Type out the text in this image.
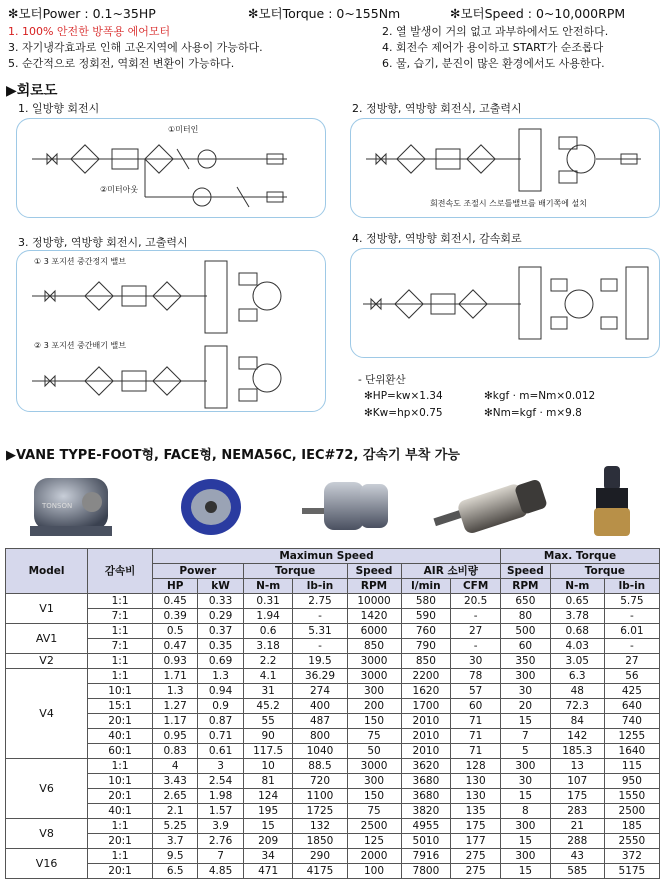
✻모터Power : 0.1~35HP	✻모터Torque : 0~155Nm	✻모터Speed : 0~10,000RPM
1. 100% 안전한 방폭용 에어모터	2. 열 발생이 거의 없고 과부하에서도 안전하다.
3. 자기냉각효과로 인해 고온지역에 사용이 가능하다.	4. 회전수 제어가 용이하고 START가 순조롭다
5. 순간적으로 정회전, 역회전 변환이 가능하다.	6. 물, 습기, 분진이 많은 환경에서도 사용한다.
▶회로도
1. 일방향 회전시
①미터인
②미터아웃
2. 정방향, 역방향 회전식, 고출력시
회전속도 조절시 스로틀밸브를 배기쪽에 설치
3. 정방향, 역방향 회전시, 고출력시
① 3 포지션 중간정지 밸브
② 3 포지션 중간배기 밸브
4. 정방향, 역방향 회전시, 감속회로
- 단위환산
✻HP=kw×1.34	✻kgf · m=Nm×0.012
✻Kw=hp×0.75	✻Nm=kgf · m×9.8
▶VANE TYPE-FOOT형, FACE형, NEMA56C, IEC#72, 감속기 부착 가능
TONSON
Model	감속비	Maximun Speed							Max. Torque		
		Power		Torque		Speed	AIR 소비량		Speed	Torque	
		HP	kW	N-m	lb-in	RPM	l/min	CFM	RPM	N-m	lb-in
V1	1:1	0.45	0.33	0.31	2.75	10000	580	20.5	650	0.65	5.75
	7:1	0.39	0.29	1.94	-	1420	590	-	80	3.78	-
AV1	1:1	0.5	0.37	0.6	5.31	6000	760	27	500	0.68	6.01
	7:1	0.47	0.35	3.18	-	850	790	-	60	4.03	-
V2	1:1	0.93	0.69	2.2	19.5	3000	850	30	350	3.05	27
V4	1:1	1.71	1.3	4.1	36.29	3000	2200	78	300	6.3	56
	10:1	1.3	0.94	31	274	300	1620	57	30	48	425
	15:1	1.27	0.9	45.2	400	200	1700	60	20	72.3	640
	20:1	1.17	0.87	55	487	150	2010	71	15	84	740
	40:1	0.95	0.71	90	800	75	2010	71	7	142	1255
	60:1	0.83	0.61	117.5	1040	50	2010	71	5	185.3	1640
V6	1:1	4	3	10	88.5	3000	3620	128	300	13	115
	10:1	3.43	2.54	81	720	300	3680	130	30	107	950
	20:1	2.65	1.98	124	1100	150	3680	130	15	175	1550
	40:1	2.1	1.57	195	1725	75	3820	135	8	283	2500
V8	1:1	5.25	3.9	15	132	2500	4955	175	300	21	185
	20:1	3.7	2.76	209	1850	125	5010	177	15	288	2550
V16	1:1	9.5	7	34	290	2000	7916	275	300	43	372
	20:1	6.5	4.85	471	4175	100	7800	275	15	585	5175
